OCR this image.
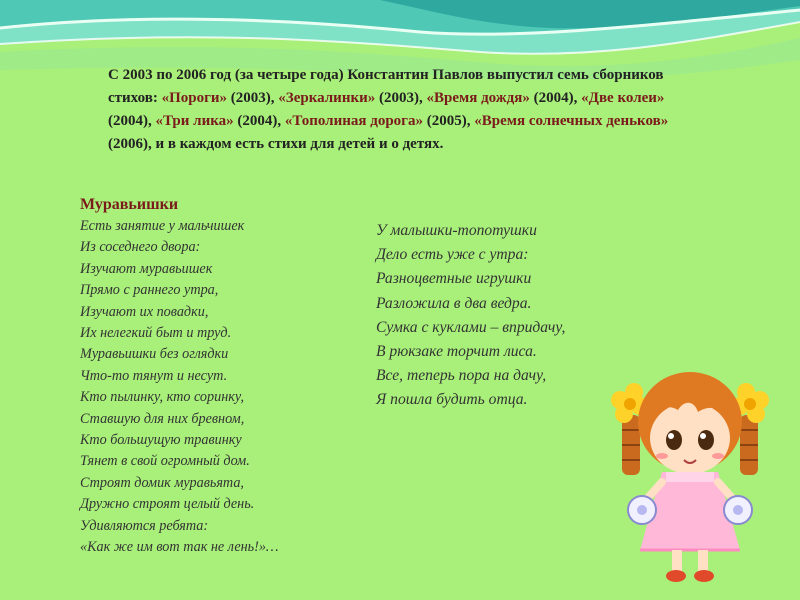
С 2003 по 2006 год (за четыре года) Константин Павлов выпустил семь сборников стихов: «Пороги» (2003), «Зеркалинки» (2003), «Время дождя» (2004), «Две колеи» (2004), «Три лика» (2004), «Тополиная дорога» (2005), «Время солнечных деньков» (2006), и в каждом есть стихи для детей и о детях.

Муравьишки
Есть занятие у мальчишек
Из соседнего двора:
Изучают муравьишек
Прямо с раннего утра,
Изучают их повадки,
Их нелегкий быт и труд.
Муравьишки без оглядки
Что-то тянут и несут.
Кто пылинку, кто соринку,
Ставшую для них бревном,
Кто большущую травинку
Тянет в свой огромный дом.
Строят домик муравьята,
Дружно строят целый день.
Удивляются ребята:
«Как же им вот так не лень!»…
У малышки-топотушки
Дело есть уже с утра:
Разноцветные игрушки
Разложила в два ведра.
Сумка с куклами – впридачу,
В рюкзаке торчит лиса.
Все, теперь пора на дачу,
Я пошла будить отца.
